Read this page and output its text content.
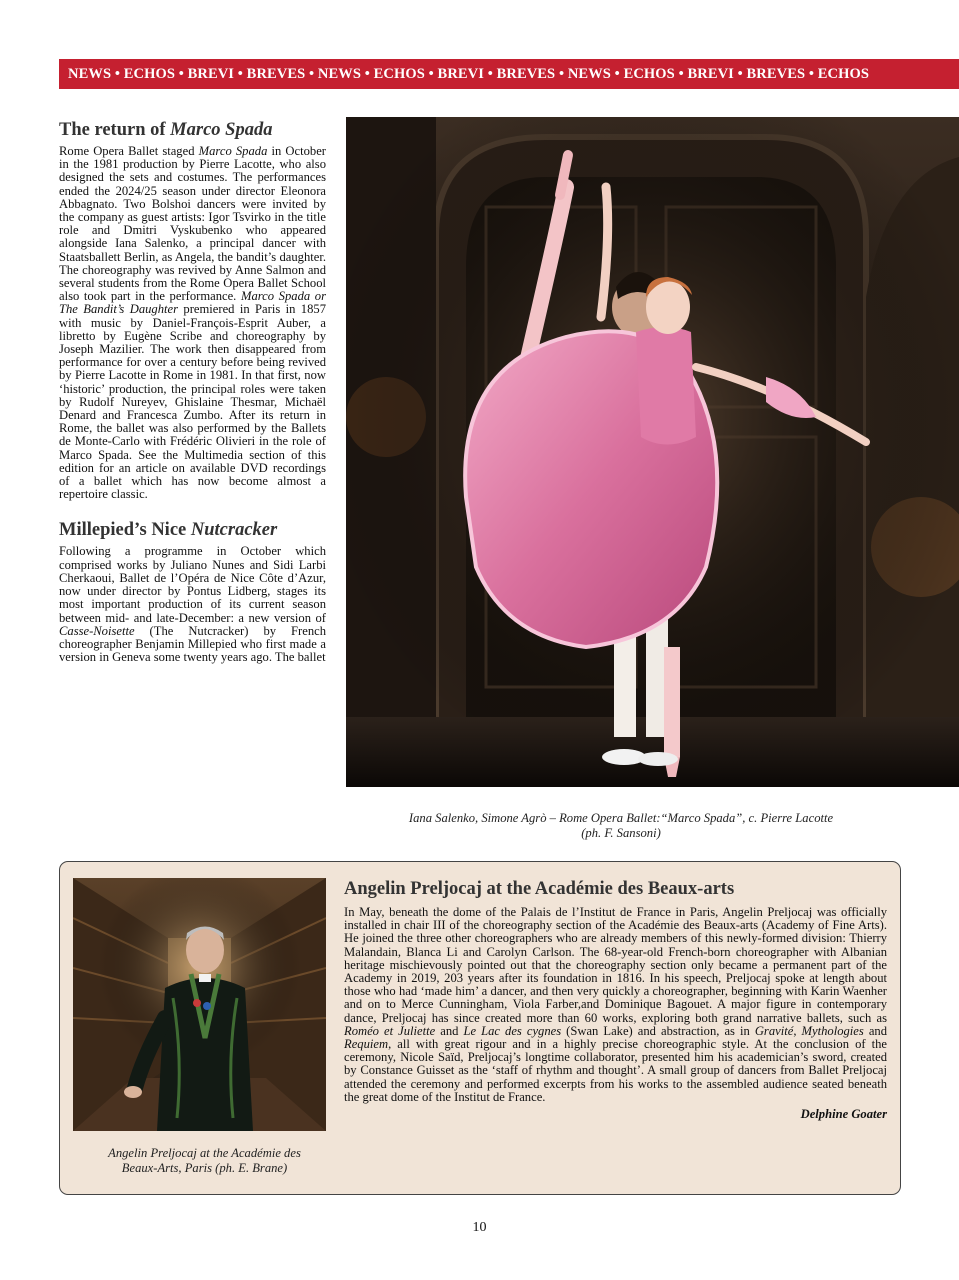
NEWS • ECHOS • BREVI • BREVES • NEWS • ECHOS • BREVI • BREVES • NEWS • ECHOS • BREVI • BREVES • ECHOS
The return of Marco Spada

Rome Opera Ballet staged Marco Spada in October in the 1981 production by Pierre Lacotte, who also designed the sets and costumes. The performances ended the 2024/25 season under director Eleonora Abbagnato. Two Bolshoi dancers were invited by the company as guest artists: Igor Tsvirko in the title role and Dmitri Vyskubenko who appeared alongside Iana Salenko, a principal dancer with Staatsballett Berlin, as Angela, the bandit’s daughter. The choreography was revived by Anne Salmon and several students from the Rome Opera Ballet School also took part in the performance. Marco Spada or The Bandit’s Daughter premiered in Paris in 1857 with music by Daniel-François-Esprit Auber, a libretto by Eugène Scribe and choreography by Joseph Mazilier. The work then disappeared from performance for over a century before being revived by Pierre Lacotte in Rome in 1981. In that first, now ‘historic’ production, the principal roles were taken by Rudolf Nureyev, Ghislaine Thesmar, Michaël Denard and Francesca Zumbo. After its return in Rome, the ballet was also performed by the Ballets de Monte-Carlo with Frédéric Olivieri in the role of Marco Spada. See the Multimedia section of this edition for an article on available DVD recordings of a ballet which has now become almost a repertoire classic.

Millepied’s Nice Nutcracker

Following a programme in October which comprised works by Juliano Nunes and Sidi Larbi Cherkaoui, Ballet de l’Opéra de Nice Côte d’Azur, now under director by Pontus Lidberg, stages its most important production of its current season between mid- and late-December: a new version of Casse-Noisette (The Nutcracker) by French choreographer Benjamin Millepied who first made a version in Geneva some twenty years ago. The ballet

Iana Salenko, Simone Agrò – Rome Opera Ballet:“Marco Spada”, c. Pierre Lacotte
(ph. F. Sansoni)
Angelin Preljocaj at the Académie des
Beaux-Arts, Paris (ph. E. Brane)
Angelin Preljocaj at the Académie des Beaux-arts

In May, beneath the dome of the Palais de l’Institut de France in Paris, Angelin Preljocaj was officially installed in chair III of the choreography section of the Académie des Beaux-arts (Academy of Fine Arts). He joined the three other choreographers who are already members of this newly-formed division: Thierry Malandain, Blanca Li and Carolyn Carlson. The 68-year-old French-born choreographer with Albanian heritage mischievously pointed out that the choreography section only became a permanent part of the Academy in 2019, 203 years after its foundation in 1816. In his speech, Preljocaj spoke at length about those who had ‘made him’ a dancer, and then very quickly a choreographer, beginning with Karin Waenher and on to Merce Cunningham, Viola Farber,and Dominique Bagouet. A major figure in contemporary dance, Preljocaj has since created more than 60 works, exploring both grand narrative ballets, such as Roméo et Juliette and Le Lac des cygnes (Swan Lake) and abstraction, as in Gravité, Mythologies and Requiem, all with great rigour and in a highly precise choreographic style. At the conclusion of the ceremony, Nicole Saïd, Preljocaj’s longtime collaborator, presented him his academician’s sword, created by Constance Guisset as the ‘staff of rhythm and thought’. A small group of dancers from Ballet Preljocaj attended the ceremony and performed excerpts from his works to the assembled audience seated beneath the great dome of the Institut de France.

Delphine Goater
10
